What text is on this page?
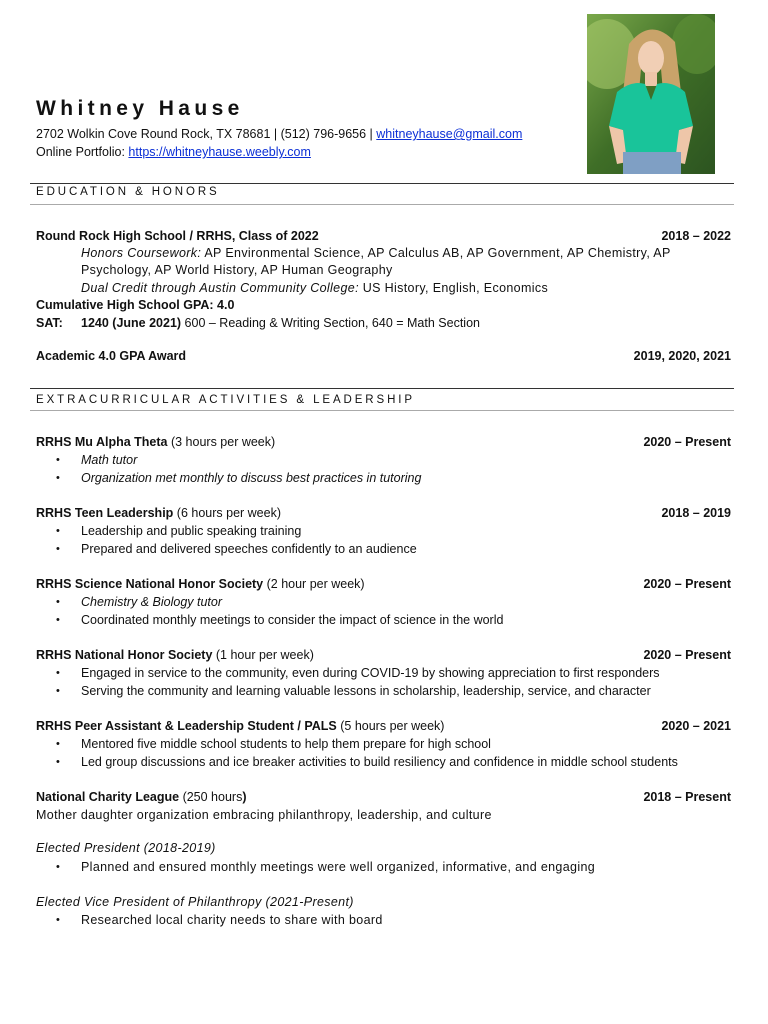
Whitney Hause
2702 Wolkin Cove Round Rock, TX 78681 | (512) 796-9656 | whitneyhause@gmail.com
Online Portfolio: https://whitneyhause.weebly.com
EDUCATION & HONORS
Round Rock High School / RRHS, Class of 2022	2018 – 2022
Honors Coursework: AP Environmental Science, AP Calculus AB, AP Government, AP Chemistry, AP
Psychology, AP World History, AP Human Geography
Dual Credit through Austin Community College: US History, English, Economics
Cumulative High School GPA: 4.0
SAT: 1240 (June 2021) 600 – Reading & Writing Section, 640 = Math Section
Academic 4.0 GPA Award	2019, 2020, 2021
EXTRACURRICULAR ACTIVITIES & LEADERSHIP
RRHS Mu Alpha Theta (3 hours per week)	2020 – Present
•	Math tutor
•	Organization met monthly to discuss best practices in tutoring
RRHS Teen Leadership (6 hours per week)	2018 – 2019
•	Leadership and public speaking training
•	Prepared and delivered speeches confidently to an audience
RRHS Science National Honor Society (2 hour per week)	2020 – Present
•	Chemistry & Biology tutor
•	Coordinated monthly meetings to consider the impact of science in the world
RRHS National Honor Society (1 hour per week)	2020 – Present
•	Engaged in service to the community, even during COVID-19 by showing appreciation to first responders
•	Serving the community and learning valuable lessons in scholarship, leadership, service, and character
RRHS Peer Assistant & Leadership Student / PALS (5 hours per week)	2020 – 2021
•	Mentored five middle school students to help them prepare for high school
•	Led group discussions and ice breaker activities to build resiliency and confidence in middle school students
National Charity League (250 hours)	2018 – Present
Mother daughter organization embracing philanthropy, leadership, and culture
Elected President (2018-2019)
•	Planned and ensured monthly meetings were well organized, informative, and engaging
Elected Vice President of Philanthropy (2021-Present)
•	Researched local charity needs to share with board
